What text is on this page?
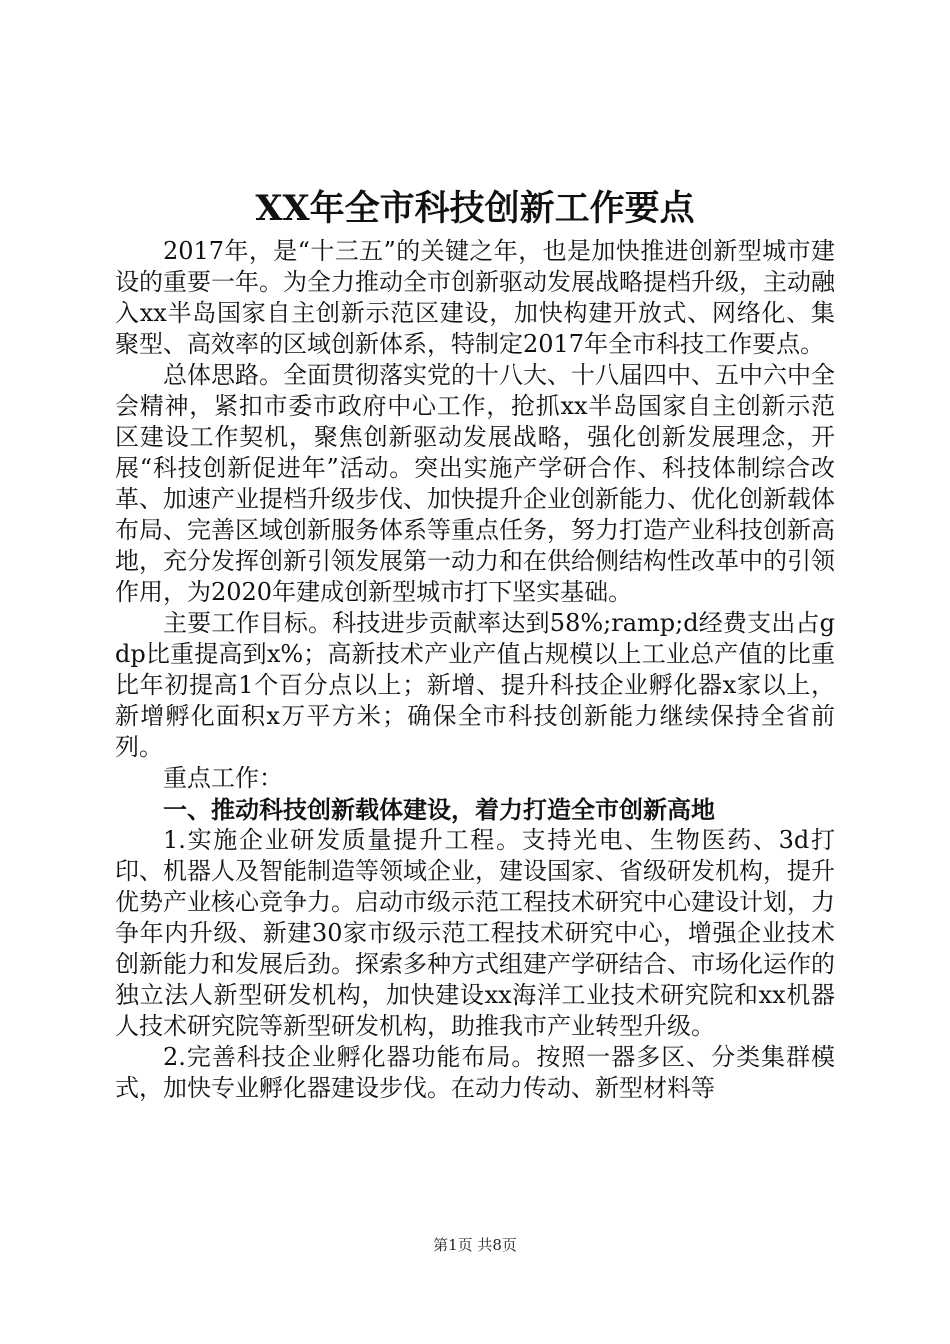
XX年全市科技创新工作要点

2017年，是“十三五”的关键之年，也是加快推进创新型城市建设的重要一年。为全力推动全市创新驱动发展战略提档升级，主动融入xx半岛国家自主创新示范区建设，加快构建开放式、网络化、集聚型、高效率的区域创新体系，特制定2017年全市科技工作要点。

总体思路。全面贯彻落实党的十八大、十八届四中、五中六中全会精神，紧扣市委市政府中心工作，抢抓xx半岛国家自主创新示范区建设工作契机，聚焦创新驱动发展战略，强化创新发展理念，开展“科技创新促进年”活动。突出实施产学研合作、科技体制综合改革、加速产业提档升级步伐、加快提升企业创新能力、优化创新载体布局、完善区域创新服务体系等重点任务，努力打造产业科技创新高地，充分发挥创新引领发展第一动力和在供给侧结构性改革中的引领作用，为2020年建成创新型城市打下坚实基础。

主要工作目标。科技进步贡献率达到58%;ramp;d经费支出占gdp比重提高到x%；高新技术产业产值占规模以上工业总产值的比重比年初提高1个百分点以上；新增、提升科技企业孵化器x家以上，新增孵化面积x万平方米；确保全市科技创新能力继续保持全省前列。

重点工作：

一、推动科技创新载体建设，着力打造全市创新高地

1.实施企业研发质量提升工程。支持光电、生物医药、3d打印、机器人及智能制造等领域企业，建设国家、省级研发机构，提升优势产业核心竞争力。启动市级示范工程技术研究中心建设计划，力争年内升级、新建30家市级示范工程技术研究中心，增强企业技术创新能力和发展后劲。探索多种方式组建产学研结合、市场化运作的独立法人新型研发机构，加快建设xx海洋工业技术研究院和xx机器人技术研究院等新型研发机构，助推我市产业转型升级。

2.完善科技企业孵化器功能布局。按照一器多区、分类集群模式，加快专业孵化器建设步伐。在动力传动、新型材料等

第1页 共8页
